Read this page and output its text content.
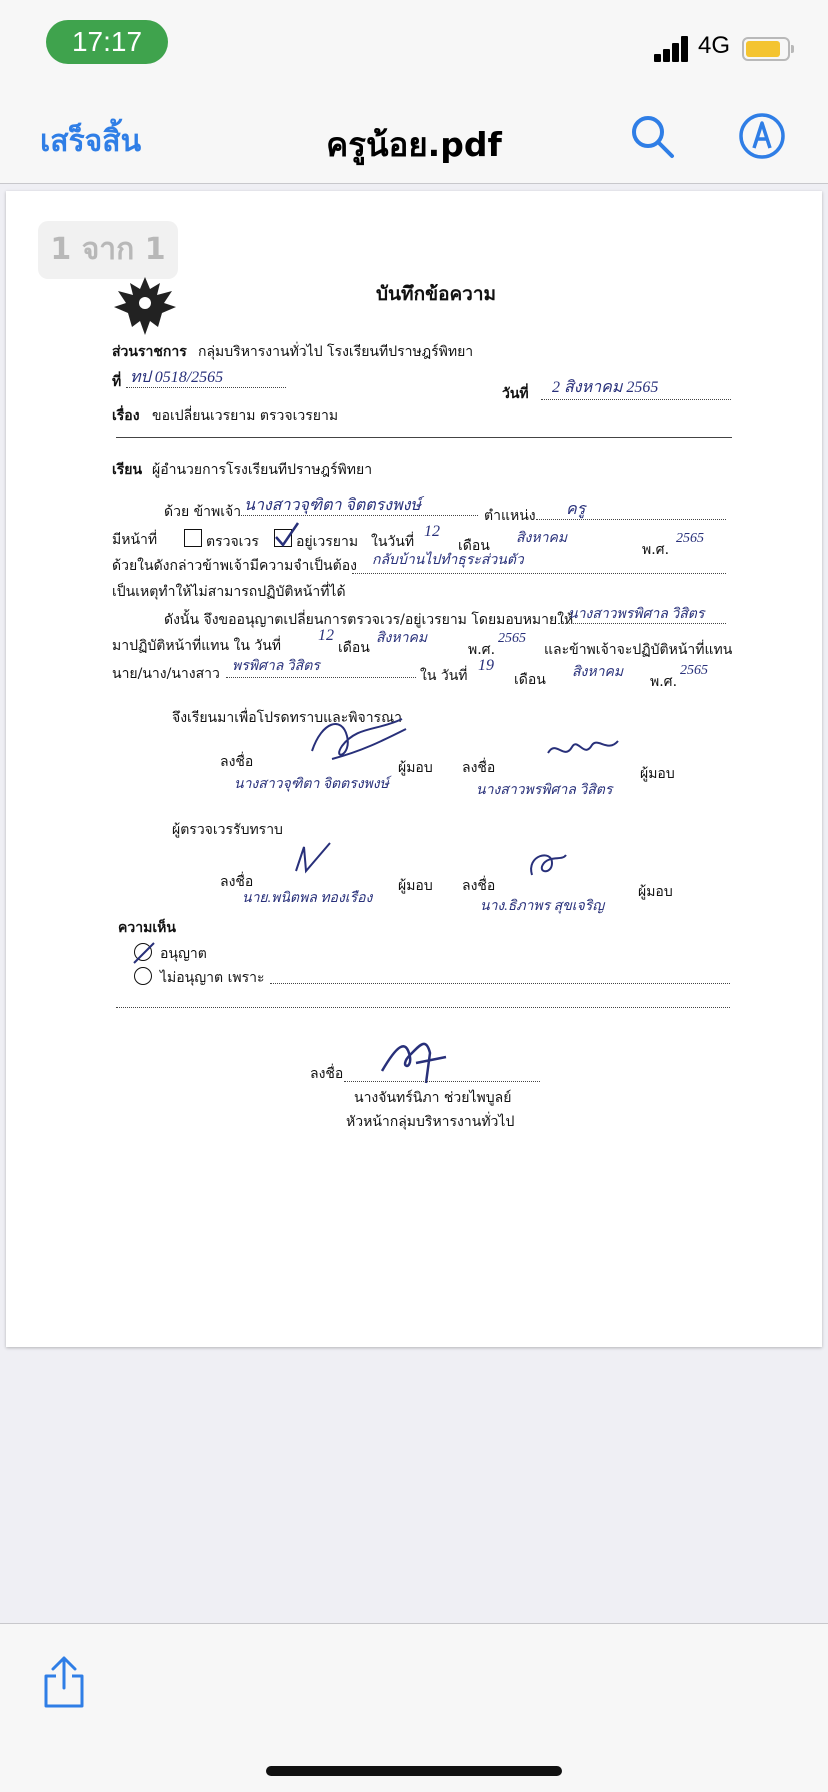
17:17	4G
เสร็จสิ้น	ครูน้อย.pdf
1 จาก 1
บันทึกข้อความ
ส่วนราชการ กลุ่มบริหารงานทั่วไป โรงเรียนทีปราษฎร์พิทยา
ที่ ทป 0518/2565
วันที่ 2 สิงหาคม 2565
เรื่อง ขอเปลี่ยนเวรยาม ตรวจเวรยาม
เรียน ผู้อำนวยการโรงเรียนทีปราษฎร์พิทยา
ด้วย ข้าพเจ้า นางสาวจุฑิตา จิตตรงพงษ์
ตำแหน่ง ครู
มีหน้าที่	ตรวจเวร	อยู่เวรยาม ในวันที่
12
เดือน สิงหาคม
พ.ศ.
2565
ด้วยในดังกล่าวข้าพเจ้ามีความจำเป็นต้อง กลับบ้านไปทำธุระส่วนตัว
เป็นเหตุทำให้ไม่สามารถปฏิบัติหน้าที่ได้
ดังนั้น จึงขออนุญาตเปลี่ยนการตรวจเวร/อยู่เวรยาม โดยมอบหมายให้
นางสาวพรพิศาล วิสิตร
มาปฏิบัติหน้าที่แทน ใน วันที่
12
เดือน
สิงหาคม
พ.ศ.
2565
และข้าพเจ้าจะปฏิบัติหน้าที่แทน
นาย/นาง/นางสาว พรพิศาล วิสิตร
ใน วันที่
19
เดือน สิงหาคม
พ.ศ.
2565
จึงเรียนมาเพื่อโปรดทราบและพิจารณา
ลงชื่อ	ผู้มอบ
นางสาวจุฑิตา จิตตรงพงษ์
ลงชื่อ	ผู้มอบ
นางสาวพรพิศาล วิสิตร
ผู้ตรวจเวรรับทราบ
ลงชื่อ	ผู้มอบ
นาย.พนิตพล ทองเรือง
ลงชื่อ	ผู้มอบ
นาง.ธิภาพร สุขเจริญ
ความเห็น
อนุญาต
ไม่อนุญาต เพราะ
ลงชื่อ
นางจันทร์นิภา ช่วยไพบูลย์
หัวหน้ากลุ่มบริหารงานทั่วไป
